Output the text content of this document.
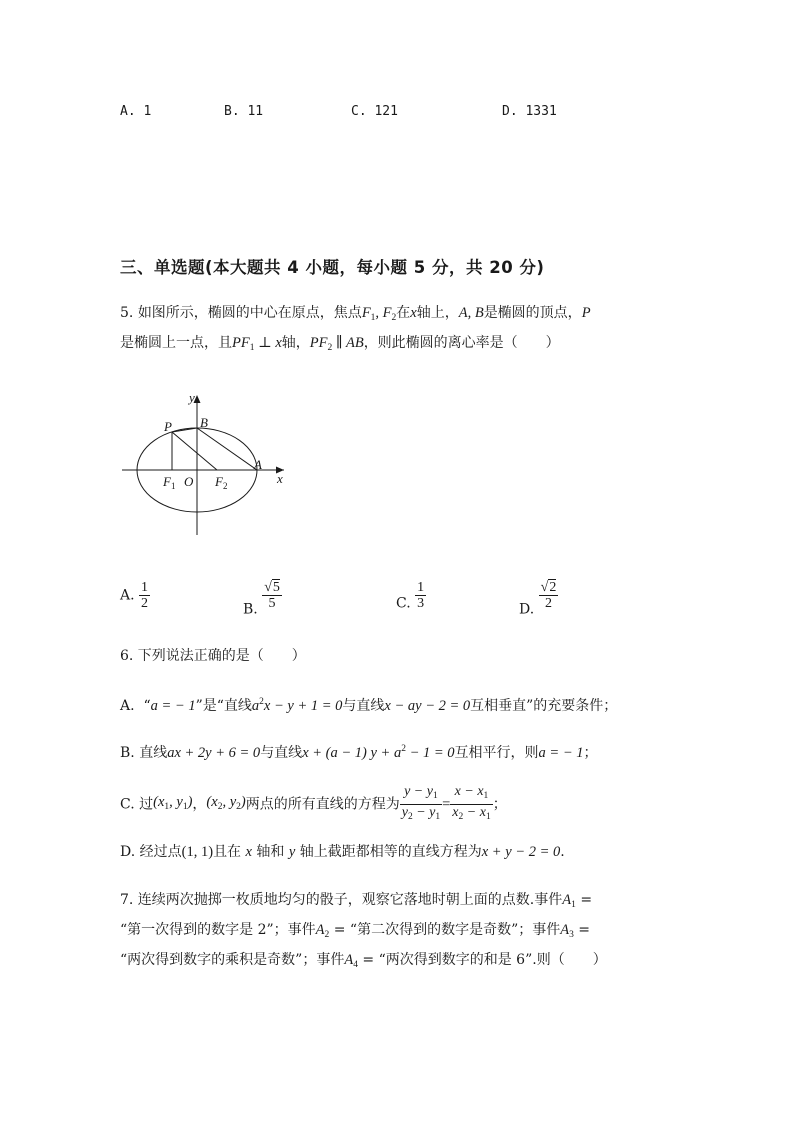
A. 1	B. 11	C. 121	D. 1331
三、单选题(本大题共 4 小题，每小题 5 分，共 20 分)
5. 如图所示，椭圆的中心在原点，焦点$F_1$, $F_2$在x轴上，A, B是椭圆的顶点，P
是椭圆上一点，且$PF_1$ ⊥ x轴，$PF_2$ ∥ AB，则此椭圆的离心率是（　　）
y
P B
A
$F_1$ O $F_2$	x
A. $\frac{1}{2}$	B. $\frac{√5}{5}$	C. $\frac{1}{3}$	D. $\frac{√2}{2}$
6. 下列说法正确的是（　　）
A. “a = − 1”是“直线$a^2x - y + 1 = 0$与直线x − ay − 2 = 0互相垂直”的充要条件；
B. 直线ax + 2y + 6 = 0与直线x + (a − 1) $y + a^2 - 1 = 0$互相平行，则a = − 1；
C. 过($x_1$, $y_1$)，($x_2$, $y_2$)两点的所有直线的方程为 $\frac{y - y_1}{y_2 - y_1} = \frac{x - x_1}{x_2 - x_1}$ ；
D. 经过点(1, 1)且在 x 轴和 y 轴上截距都相等的直线方程为x + y − 2 = 0.
7. 连续两次抛掷一枚质地均匀的骰子，观察它落地时朝上面的点数.事件$A_1$ =
“第一次得到的数字是 2”；事件$A_2$ = “第二次得到的数字是奇数”；事件$A_3$ =
“两次得到数字的乘积是奇数”；事件$A_4$ = “两次得到数字的和是 6”.则（　　）
